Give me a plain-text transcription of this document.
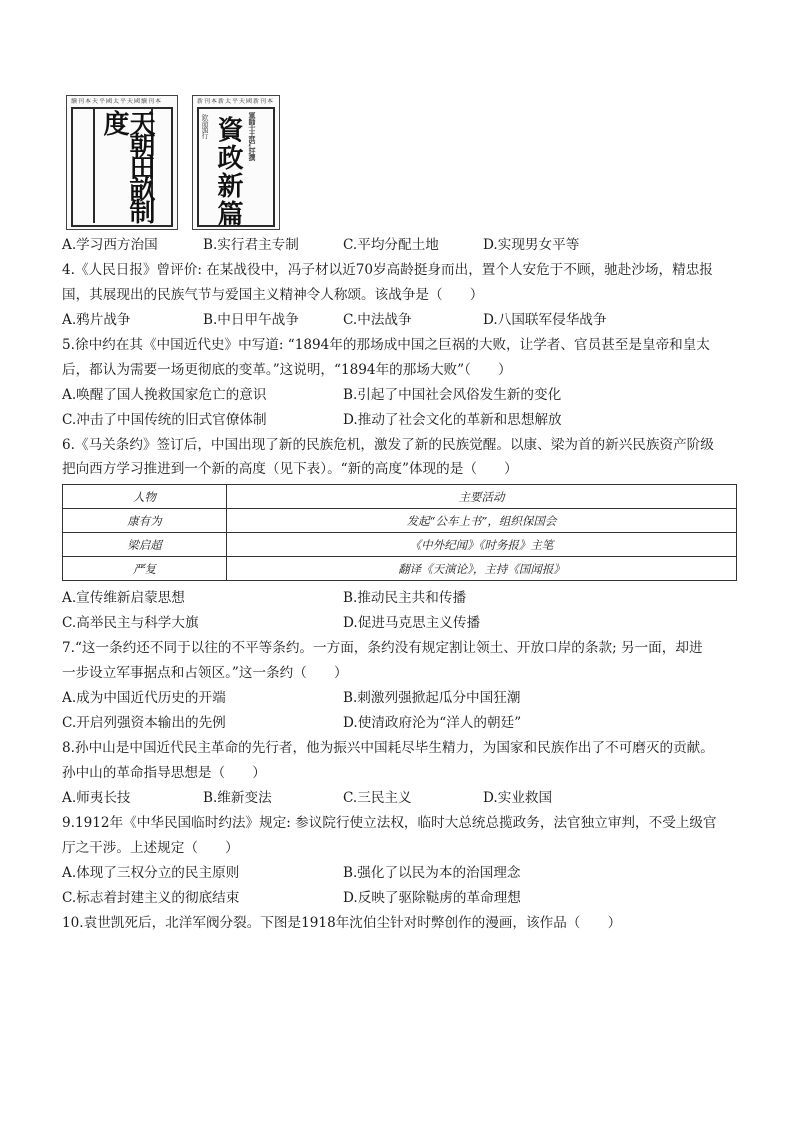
續刊本天平國太平天國續刊本
天朝田畝制度
新刊本新太平天國新刊本
欽命頒行	軍師干王洪仁玕撰
資政新篇
A.学习西方治国	B.实行君主专制	C.平均分配土地	D.实现男女平等
4.《人民日报》曾评价: 在某战役中，冯子材以近70岁高龄挺身而出，置个人安危于不顾，驰赴沙场，精忠报
国，其展现出的民族气节与爱国主义精神令人称颂。该战争是（　　）
A.鸦片战争	B.中日甲午战争	C.中法战争	D.八国联军侵华战争
5.徐中约在其《中国近代史》中写道: “1894年的那场成中国之巨祸的大败，让学者、官员甚至是皇帝和皇太
后，都认为需要一场更彻底的变革。”这说明，“1894年的那场大败”（　　）
A.唤醒了国人挽救国家危亡的意识	B.引起了中国社会风俗发生新的变化
C.冲击了中国传统的旧式官僚体制	D.推动了社会文化的革新和思想解放
6.《马关条约》签订后，中国出现了新的民族危机，激发了新的民族觉醒。以康、梁为首的新兴民族资产阶级
把向西方学习推进到一个新的高度（见下表）。“新的高度”体现的是（　　）
人物	主要活动
康有为	发起“公车上书”，组织保国会
梁启超	《中外纪闻》《时务报》主笔
严复	翻译《天演论》，主持《国闻报》
A.宣传维新启蒙思想	B.推动民主共和传播
C.高举民主与科学大旗	D.促进马克思主义传播
7.“这一条约还不同于以往的不平等条约。一方面，条约没有规定割让领土、开放口岸的条款; 另一面，却进
一步设立军事据点和占领区。”这一条约（　　）
A.成为中国近代历史的开端	B.刺激列强掀起瓜分中国狂潮
C.开启列强资本输出的先例	D.使清政府沦为“洋人的朝廷”
8.孙中山是中国近代民主革命的先行者，他为振兴中国耗尽毕生精力，为国家和民族作出了不可磨灭的贡献。
孙中山的革命指导思想是（　　）
A.师夷长技	B.维新变法	C.三民主义	D.实业救国
9.1912年《中华民国临时约法》规定: 参议院行使立法权，临时大总统总揽政务，法官独立审判，不受上级官
厅之干涉。上述规定（　　）
A.体现了三权分立的民主原则	B.强化了以民为本的治国理念
C.标志着封建主义的彻底结束	D.反映了驱除鞑虏的革命理想
10.袁世凯死后，北洋军阀分裂。下图是1918年沈伯尘针对时弊创作的漫画，该作品（　　）
